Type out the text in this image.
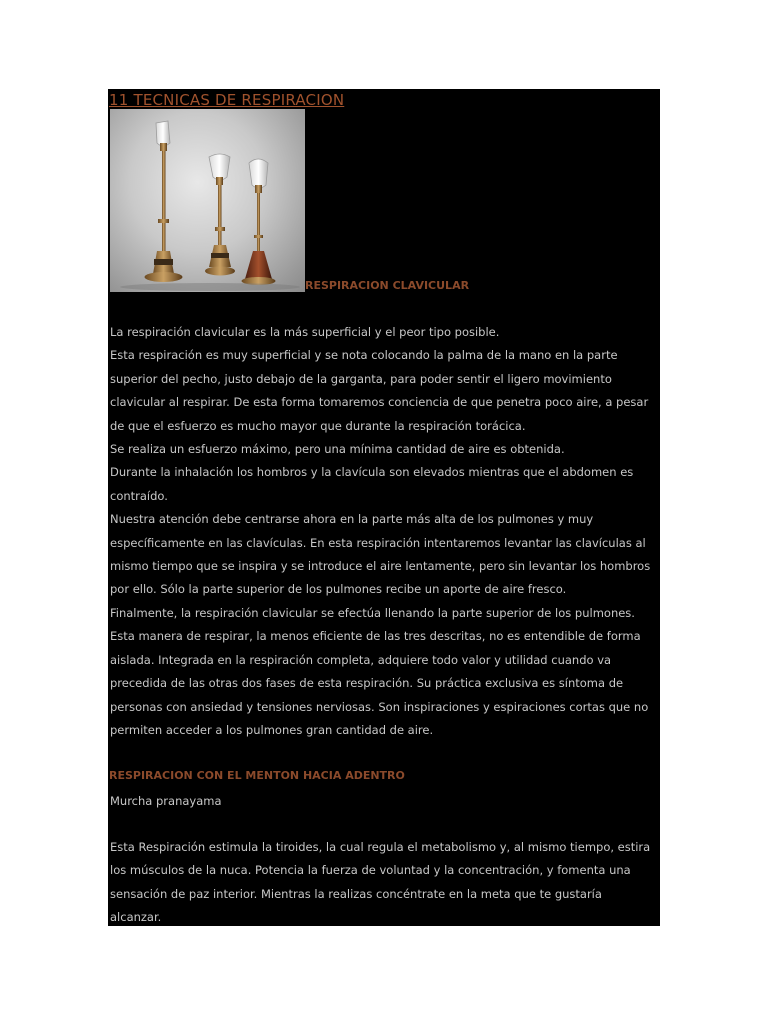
11 TECNICAS DE RESPIRACION
RESPIRACION CLAVICULAR

La respiración clavicular es la más superficial y el peor tipo posible.

Esta respiración es muy superficial y se nota colocando la palma de la mano en la parte

superior del pecho, justo debajo de la garganta, para poder sentir el ligero movimiento

clavicular al respirar. De esta forma tomaremos conciencia de que penetra poco aire, a pesar

de que el esfuerzo es mucho mayor que durante la respiración torácica.

Se realiza un esfuerzo máximo, pero una mínima cantidad de aire es obtenida.

Durante la inhalación los hombros y la clavícula son elevados mientras que el abdomen es

contraído.

Nuestra atención debe centrarse ahora en la parte más alta de los pulmones y muy

específicamente en las clavículas. En esta respiración intentaremos levantar las clavículas al

mismo tiempo que se inspira y se introduce el aire lentamente, pero sin levantar los hombros

por ello. Sólo la parte superior de los pulmones recibe un aporte de aire fresco.

Finalmente, la respiración clavicular se efectúa llenando la parte superior de los pulmones.

Esta manera de respirar, la menos eficiente de las tres descritas, no es entendible de forma

aislada. Integrada en la respiración completa, adquiere todo valor y utilidad cuando va

precedida de las otras dos fases de esta respiración. Su práctica exclusiva es síntoma de

personas con ansiedad y tensiones nerviosas. Son inspiraciones y espiraciones cortas que no

permiten acceder a los pulmones gran cantidad de aire.

RESPIRACION CON EL MENTON HACIA ADENTRO

Murcha pranayama

Esta Respiración estimula la tiroides, la cual regula el metabolismo y, al mismo tiempo, estira

los músculos de la nuca. Potencia la fuerza de voluntad y la concentración, y fomenta una

sensación de paz interior. Mientras la realizas concéntrate en la meta que te gustaría

alcanzar.
